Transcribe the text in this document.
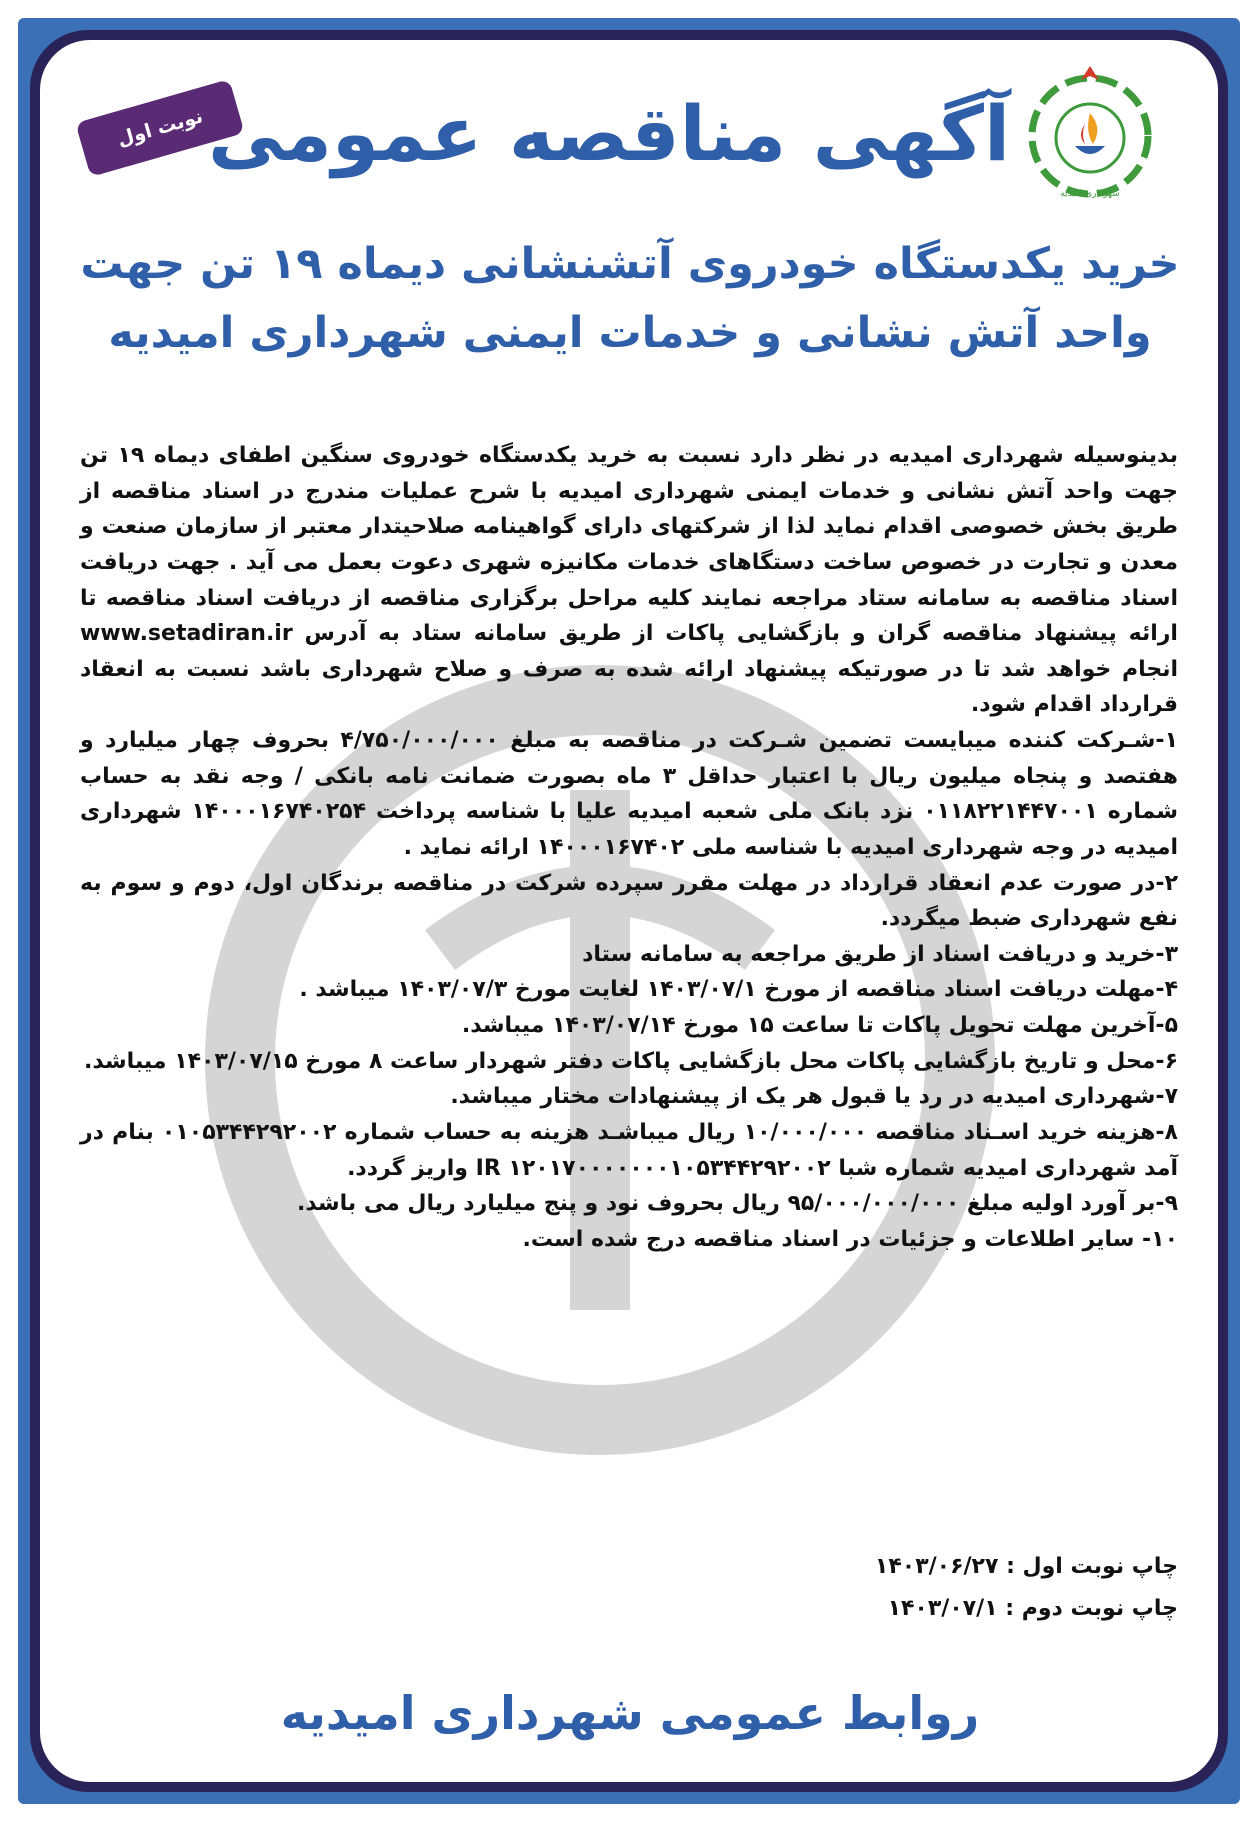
شهرداری امیدیه
نوبت اول آگهی مناقصه عمومی
خرید یکدستگاه خودروی آتشنشانی دیماه ۱۹ تن جهت
واحد آتش نشانی و خدمات ایمنی شهرداری امیدیه

بدینوسیله شهرداری امیدیه در نظر دارد نسبت به خرید یکدستگاه خودروی سنگین اطفای دیماه ۱۹ تن جهت واحد آتش نشانی و خدمات ایمنی شهرداری امیدیه با شرح عملیات مندرج در اسناد مناقصه از طریق بخش خصوصی اقدام نماید لذا از شرکتهای دارای گواهینامه صلاحیتدار معتبر از سازمان صنعت و معدن و تجارت در خصوص ساخت دستگاهای خدمات مکانیزه شهری دعوت بعمل می آید . جهت دریافت اسناد مناقصه به سامانه ستاد مراجعه نمایند کلیه مراحل برگزاری مناقصه از دریافت اسناد مناقصه تا ارائه پیشنهاد مناقصه گران و بازگشایی پاکات از طریق سامانه ستاد به آدرس www.setadiran.ir انجام خواهد شد تا در صورتیکه پیشنهاد ارائه شده به صرف و صلاح شهرداری باشد نسبت به انعقاد قرارداد اقدام شود.

۱-شـرکت کننده میبایست تضمین شـرکت در مناقصه به مبلغ ۴/۷۵۰/۰۰۰/۰۰۰ بحروف چهار میلیارد و هفتصد و پنجاه میلیون ریال با اعتبار حداقل ۳ ماه بصورت ضمانت نامه بانکی / وجه نقد به حساب شماره ۰۱۱۸۲۲۱۴۴۷۰۰۱ نزد بانک ملی شعبه امیدیه علیا با شناسه پرداخت ۱۴۰۰۰۱۶۷۴۰۲۵۴ شهرداری امیدیه در وجه شهرداری امیدیه با شناسه ملی ۱۴۰۰۰۱۶۷۴۰۲ ارائه نماید .

۲-در صورت عدم انعقاد قرارداد در مهلت مقرر سپرده شرکت در مناقصه برندگان اول، دوم و سوم به نفع شهرداری ضبط میگردد.

۳-خرید و دریافت اسناد از طریق مراجعه به سامانه ستاد

۴-مهلت دریافت اسناد مناقصه از مورخ ۱۴۰۳/۰۷/۱ لغایت مورخ ۱۴۰۳/۰۷/۳ میباشد .

۵-آخرین مهلت تحویل پاکات تا ساعت ۱۵ مورخ ۱۴۰۳/۰۷/۱۴ میباشد.

۶-محل و تاریخ بازگشایی پاکات محل بازگشایی پاکات دفتر شهردار ساعت ۸ مورخ ۱۴۰۳/۰۷/۱۵ میباشد.

۷-شهرداری امیدیه در رد یا قبول هر یک از پیشنهادات مختار میباشد.

۸-هزینه خرید اسـناد مناقصه ۱۰/۰۰۰/۰۰۰ ریال میباشـد هزینه به حساب شماره ۰۱۰۵۳۴۴۲۹۲۰۰۲ بنام در آمد شهرداری امیدیه شماره شبا IR ۱۲۰۱۷۰۰۰۰۰۰۰۱۰۵۳۴۴۲۹۲۰۰۲ واریز گردد.

۹-بر آورد اولیه مبلغ ۹۵/۰۰۰/۰۰۰/۰۰۰ ریال بحروف نود و پنج میلیارد ریال می باشد.

۱۰- سایر اطلاعات و جزئیات در اسناد مناقصه درج شده است.

چاپ نوبت اول : ۱۴۰۳/۰۶/۲۷
چاپ نوبت دوم : ۱۴۰۳/۰۷/۱
روابط عمومی شهرداری امیدیه
